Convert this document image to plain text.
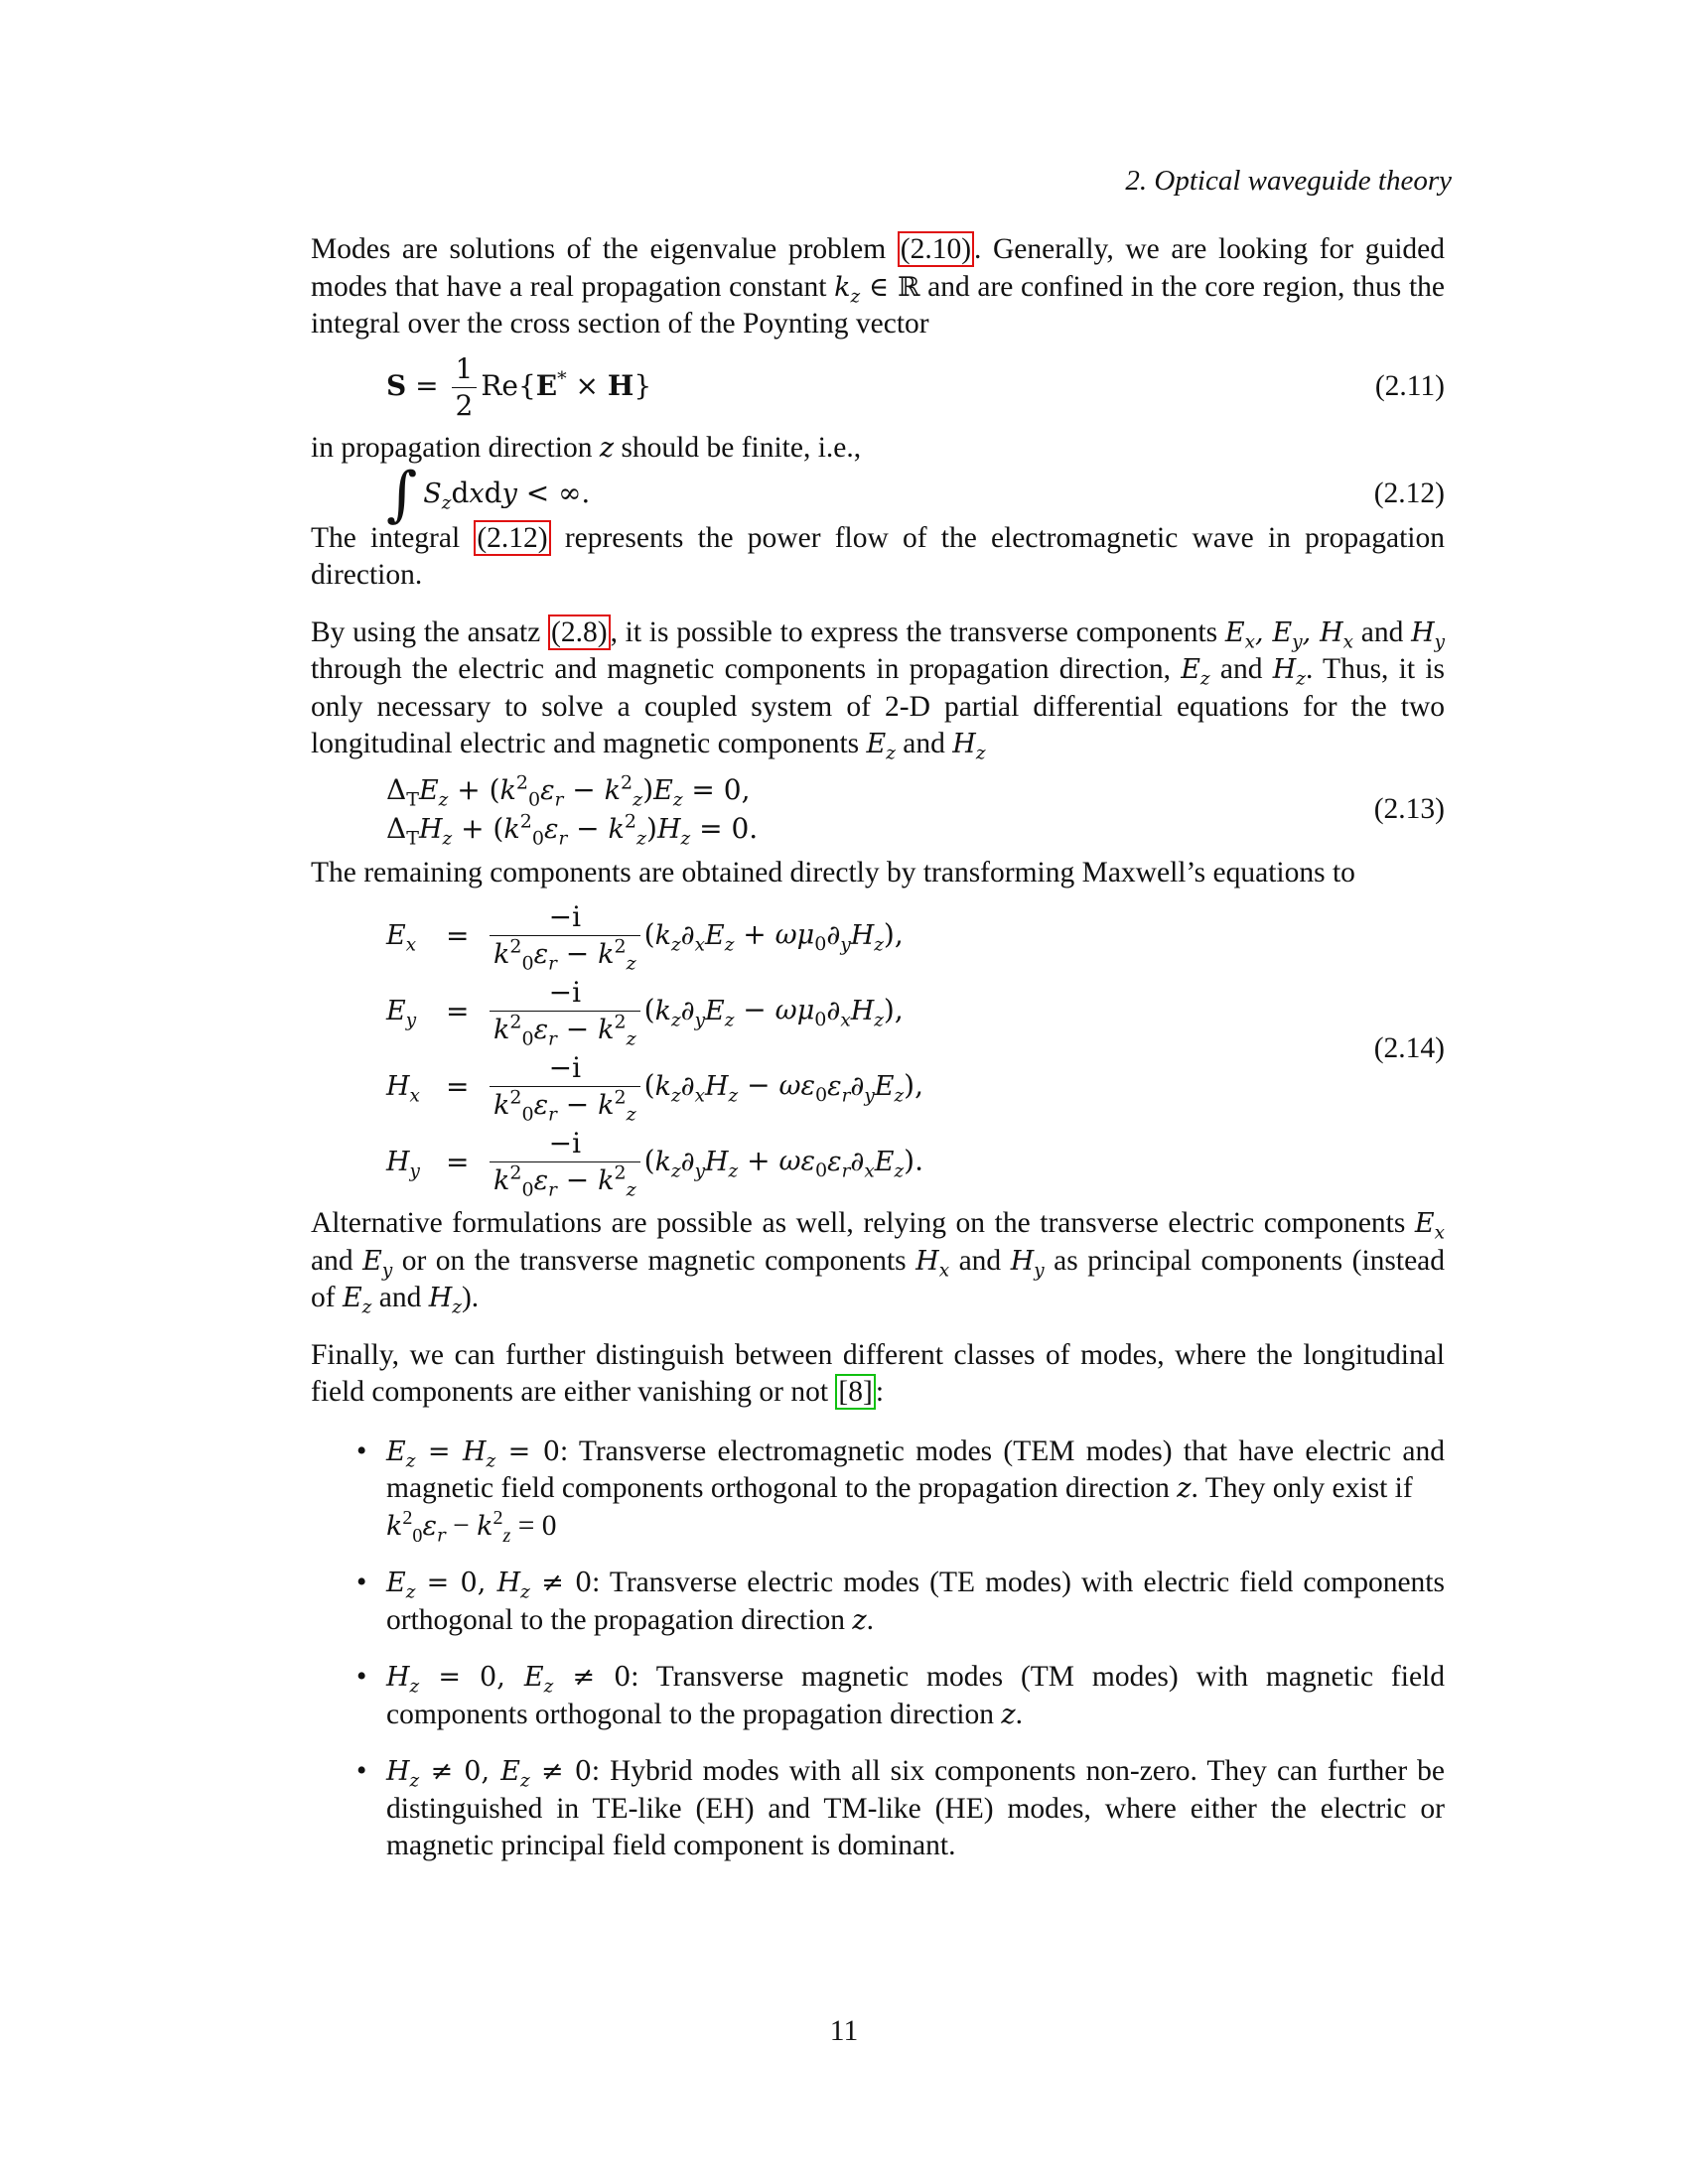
2. Optical waveguide theory

Modes are solutions of the eigenvalue problem (2.10) . Generally, we are looking for guided modes that have a real propagation constant $k_z$ ∈ ℝ and are confined in the core region, thus the integral over the cross section of the Poynting vector

$S = \frac{1}{2} Re\{E^* \times H\}$	(2.11)

in propagation direction z should be finite, i.e.,

∫ $S_zdxdy$ < ∞.	(2.12)

The integral (2.12) represents the power flow of the electromagnetic wave in propagation direction.

By using the ansatz (2.8) , it is possible to express the transverse components $E_x$, $E_y$, $H_x$ and $H_y$ through the electric and magnetic components in propagation direction, $E_z$ and $H_z$. Thus, it is only necessary to solve a coupled system of 2-D partial differential equations for the two longitudinal electric and magnetic components $E_z$ and $H_z$

$\Delta_TE_z + (k^2_0\varepsilon_r - k^2_z)E_z = 0$,
$\Delta_TH_z + (k^2_0\varepsilon_r - k^2_z)H_z = 0$.
(2.13)

The remaining components are obtained directly by transforming Maxwell’s equations to

$E_x$	= $\frac{-i}{k^2_0\varepsilon_r - k^2_z} (k_z\partial_xE_z + \omega\mu_0\partial_yH_z)$,
$E_y$	= $\frac{-i}{k^2_0\varepsilon_r - k^2_z} (k_z\partial_yE_z - \omega\mu_0\partial_xH_z)$,
$H_x = \frac{-i}{k^2_0\varepsilon_r - k^2_z} (k_z\partial_xH_z - \omega\varepsilon_0\varepsilon_r\partial_yE_z)$,
$H_y = \frac{-i}{k^2_0\varepsilon_r - k^2_z} (k_z\partial_yH_z + \omega\varepsilon_0\varepsilon_r\partial_xE_z)$.
(2.14)

Alternative formulations are possible as well, relying on the transverse electric components $E_x$ and $E_y$ or on the transverse magnetic components $H_x$ and $H_y$ as principal components (instead of $E_z$ and $H_z$).

Finally, we can further distinguish between different classes of modes, where the longitudinal field components are either vanishing or not [8] :

• $E_z = H_z = 0$: Transverse electromagnetic modes (TEM modes) that have electric and magnetic field components orthogonal to the propagation direction z. They only exist if
$k^2_0\varepsilon_r - k^2_z = 0$
• $E_z = 0$, $H_z \ne 0$: Transverse electric modes (TE modes) with electric field components orthogonal to the propagation direction z.
• $H_z = 0$, $E_z \ne 0$: Transverse magnetic modes (TM modes) with magnetic field components orthogonal to the propagation direction z.
• $H_z \ne 0$, $E_z \ne 0$: Hybrid modes with all six components non-zero. They can further be distinguished in TE-like (EH) and TM-like (HE) modes, where either the electric or magnetic principal field component is dominant.
11
